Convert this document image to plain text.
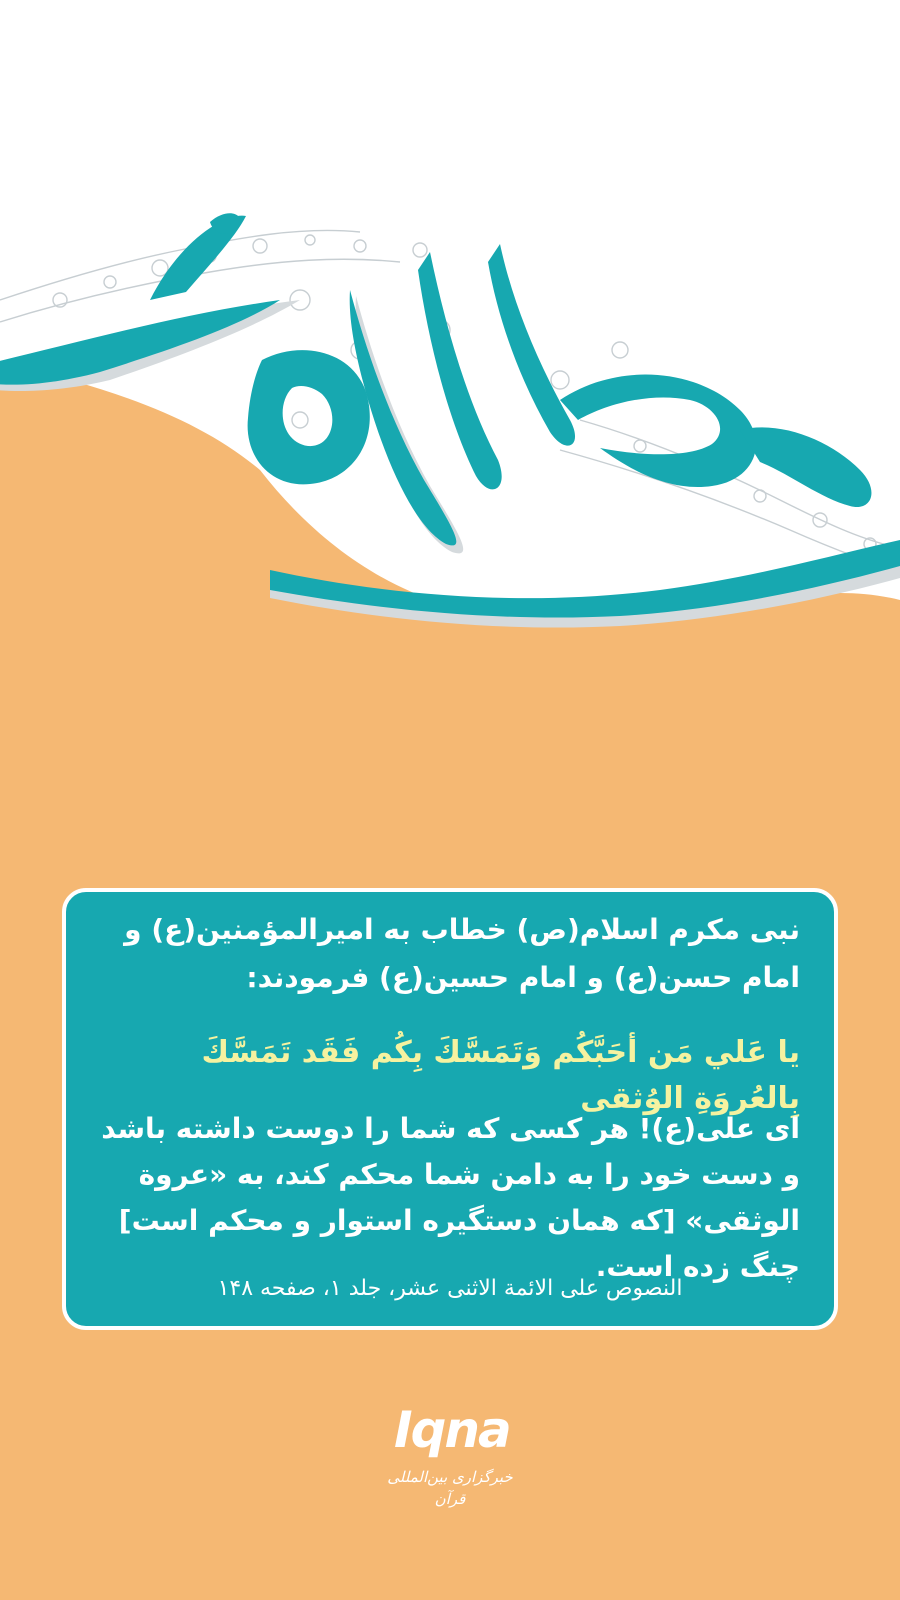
نبی مکرم اسلام(ص) خطاب به امیرالمؤمنین(ع) و امام حسن(ع) و امام حسین(ع) فرمودند:
یا عَلي مَن أحَبَّكُم وَتَمَسَّكَ بِكُم فَقَد تَمَسَّكَ بِالعُروَةِ الوُثقی
ای علی(ع)! هر کسی که شما را دوست داشته باشد و دست خود را به دامن شما محکم کند، به «عروة الوثقی» [که همان دستگیره استوار و محکم است] چنگ زده است.
النصوص علی الائمة الاثنی عشر، جلد ۱، صفحه ۱۴۸
Iqna
خبرگزاری بین‌المللی قرآن
